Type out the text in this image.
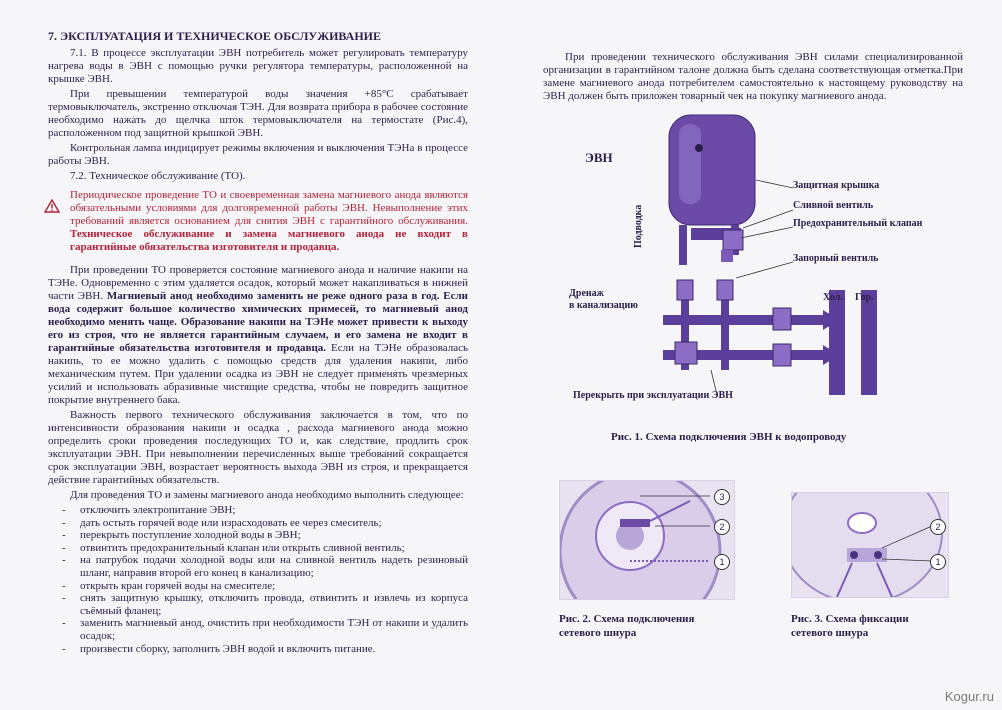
7. ЭКСПЛУАТАЦИЯ И ТЕХНИЧЕСКОЕ ОБСЛУЖИВАНИЕ

7.1. В процессе эксплуатации ЭВН потребитель может регулировать температуру нагрева воды в ЭВН с помощью ручки регулятора температуры, расположенной на крышке ЭВН.

При превышении температурой воды значения +85°С срабатывает термовыключатель, экстренно отключая ТЭН. Для возврата прибора в рабочее состояние необходимо нажать до щелчка шток термовыключателя на термостате (Рис.4), расположенном под защитной крышкой ЭВН.

Контрольная лампа индицирует режимы включения и выключения ТЭНа в процессе работы ЭВН.

7.2. Техническое обслуживание (ТО).

Периодическое проведение ТО и своевременная замена магниевого анода являются обязательными условиями для долговременной работы ЭВН. Невыполнение этих требований является основанием для снятия ЭВН с гарантийного обслуживания. Техническое обслуживание и замена магниевого анода не входит в гарантийные обязательства изготовителя и продавца.

При проведении ТО проверяется состояние магниевого анода и наличие накипи на ТЭНе. Одновременно с этим удаляется осадок, который может накапливаться в нижней части ЭВН. Магниевый анод необходимо заменить не реже одного раза в год. Если вода содержит большое количество химических примесей, то магниевый анод необходимо менять чаще. Образование накипи на ТЭНе может привести к выходу его из строя, что не является гарантийным случаем, и его замена не входит в гарантийные обязательства изготовителя и продавца. Если на ТЭНе образовалась накипь, то ее можно удалить с помощью средств для удаления накипи, либо механическим путем. При удалении осадка из ЭВН не следует применять чрезмерных усилий и использовать абразивные чистящие средства, чтобы не повредить защитное покрытие внутреннего бака.

Важность первого технического обслуживания заключается в том, что по интенсивности образования накипи и осадка , расхода магниевого анода можно определить сроки проведения последующих ТО и, как следствие, продлить срок эксплуатации ЭВН. При невыполнении перечисленных выше требований сокращается срок эксплуатации ЭВН, возрастает вероятность выхода ЭВН из строя, и прекращается действие гарантийных обязательств.

Для проведения ТО и замены магниевого анода необходимо выполнить следующее:

- отключить электропитание ЭВН;
- дать остыть горячей воде или израсходовать ее через смеситель;
- перекрыть поступление холодной воды в ЭВН;
- отвинтить предохранительный клапан или открыть сливной вентиль;
- на патрубок подачи холодной воды или на сливной вентиль надеть резиновый шланг, направив второй его конец в канализацию;
- открыть кран горячей воды на смесителе;
- снять защитную крышку, отключить провода, отвинтить и извлечь из корпуса съёмный фланец;
- заменить магниевый анод, очистить при необходимости ТЭН от накипи и удалить осадок;
- произвести сборку, заполнить ЭВН водой и включить питание.

При проведении технического обслуживания ЭВН силами специализированной организации в гарантийном талоне должна быть сделана соответствующая отметка.При замене магниевого анода потребителем самостоятельно к настоящему руководству на ЭВН должен быть приложен товарный чек на покупку магниевого анода.

ЭВН
Защитная крышка
Сливной вентиль
Предохранительный клапан
Запорный вентиль
Дренаж
в канализацию
Подводка
Хол. Гор.
Перекрыть при эксплуатации ЭВН
Рис. 1. Схема подключения ЭВН к водопроводу
3
2
1
Рис. 2. Схема подключения
сетевого шнура
2
1
Рис. 3. Схема фиксации
сетевого шнура
Kogur.ru
